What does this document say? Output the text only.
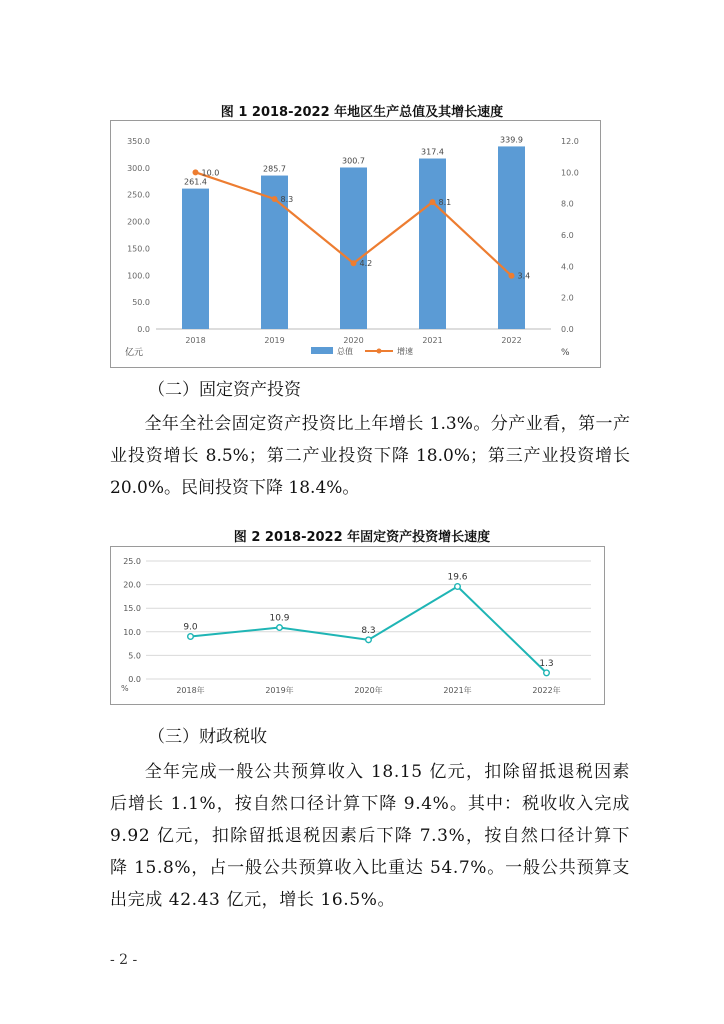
图 1 2018-2022 年地区生产总值及其增长速度
0.0
50.0
100.0
150.0
200.0
250.0
300.0
350.0
0.0
2.0
4.0
6.0
8.0
10.0
12.0
261.4
2018
285.7
2019
300.7
2020
317.4
2021
339.9
2022
10.0
8.3
4.2
8.1
3.4
亿元	%
总值	增速
（二）固定资产投资

全年全社会固定资产投资比上年增长 1.3%。分产业看，第一产业投资增长 8.5%；第二产业投资下降 18.0%；第三产业投资增长 20.0%。民间投资下降 18.4%。

图 2 2018-2022 年固定资产投资增长速度
0.0
5.0
10.0
15.0
20.0
25.0
%
9.0
2018年
10.9
2019年
8.3
2020年
19.6
2021年
1.3
2022年
（三）财政税收

全年完成一般公共预算收入 18.15 亿元，扣除留抵退税因素后增长 1.1%，按自然口径计算下降 9.4%。其中：税收收入完成 9.92 亿元，扣除留抵退税因素后下降 7.3%，按自然口径计算下降 15.8%，占一般公共预算收入比重达 54.7%。一般公共预算支出完成 42.43 亿元，增长 16.5%。

- 2 -
